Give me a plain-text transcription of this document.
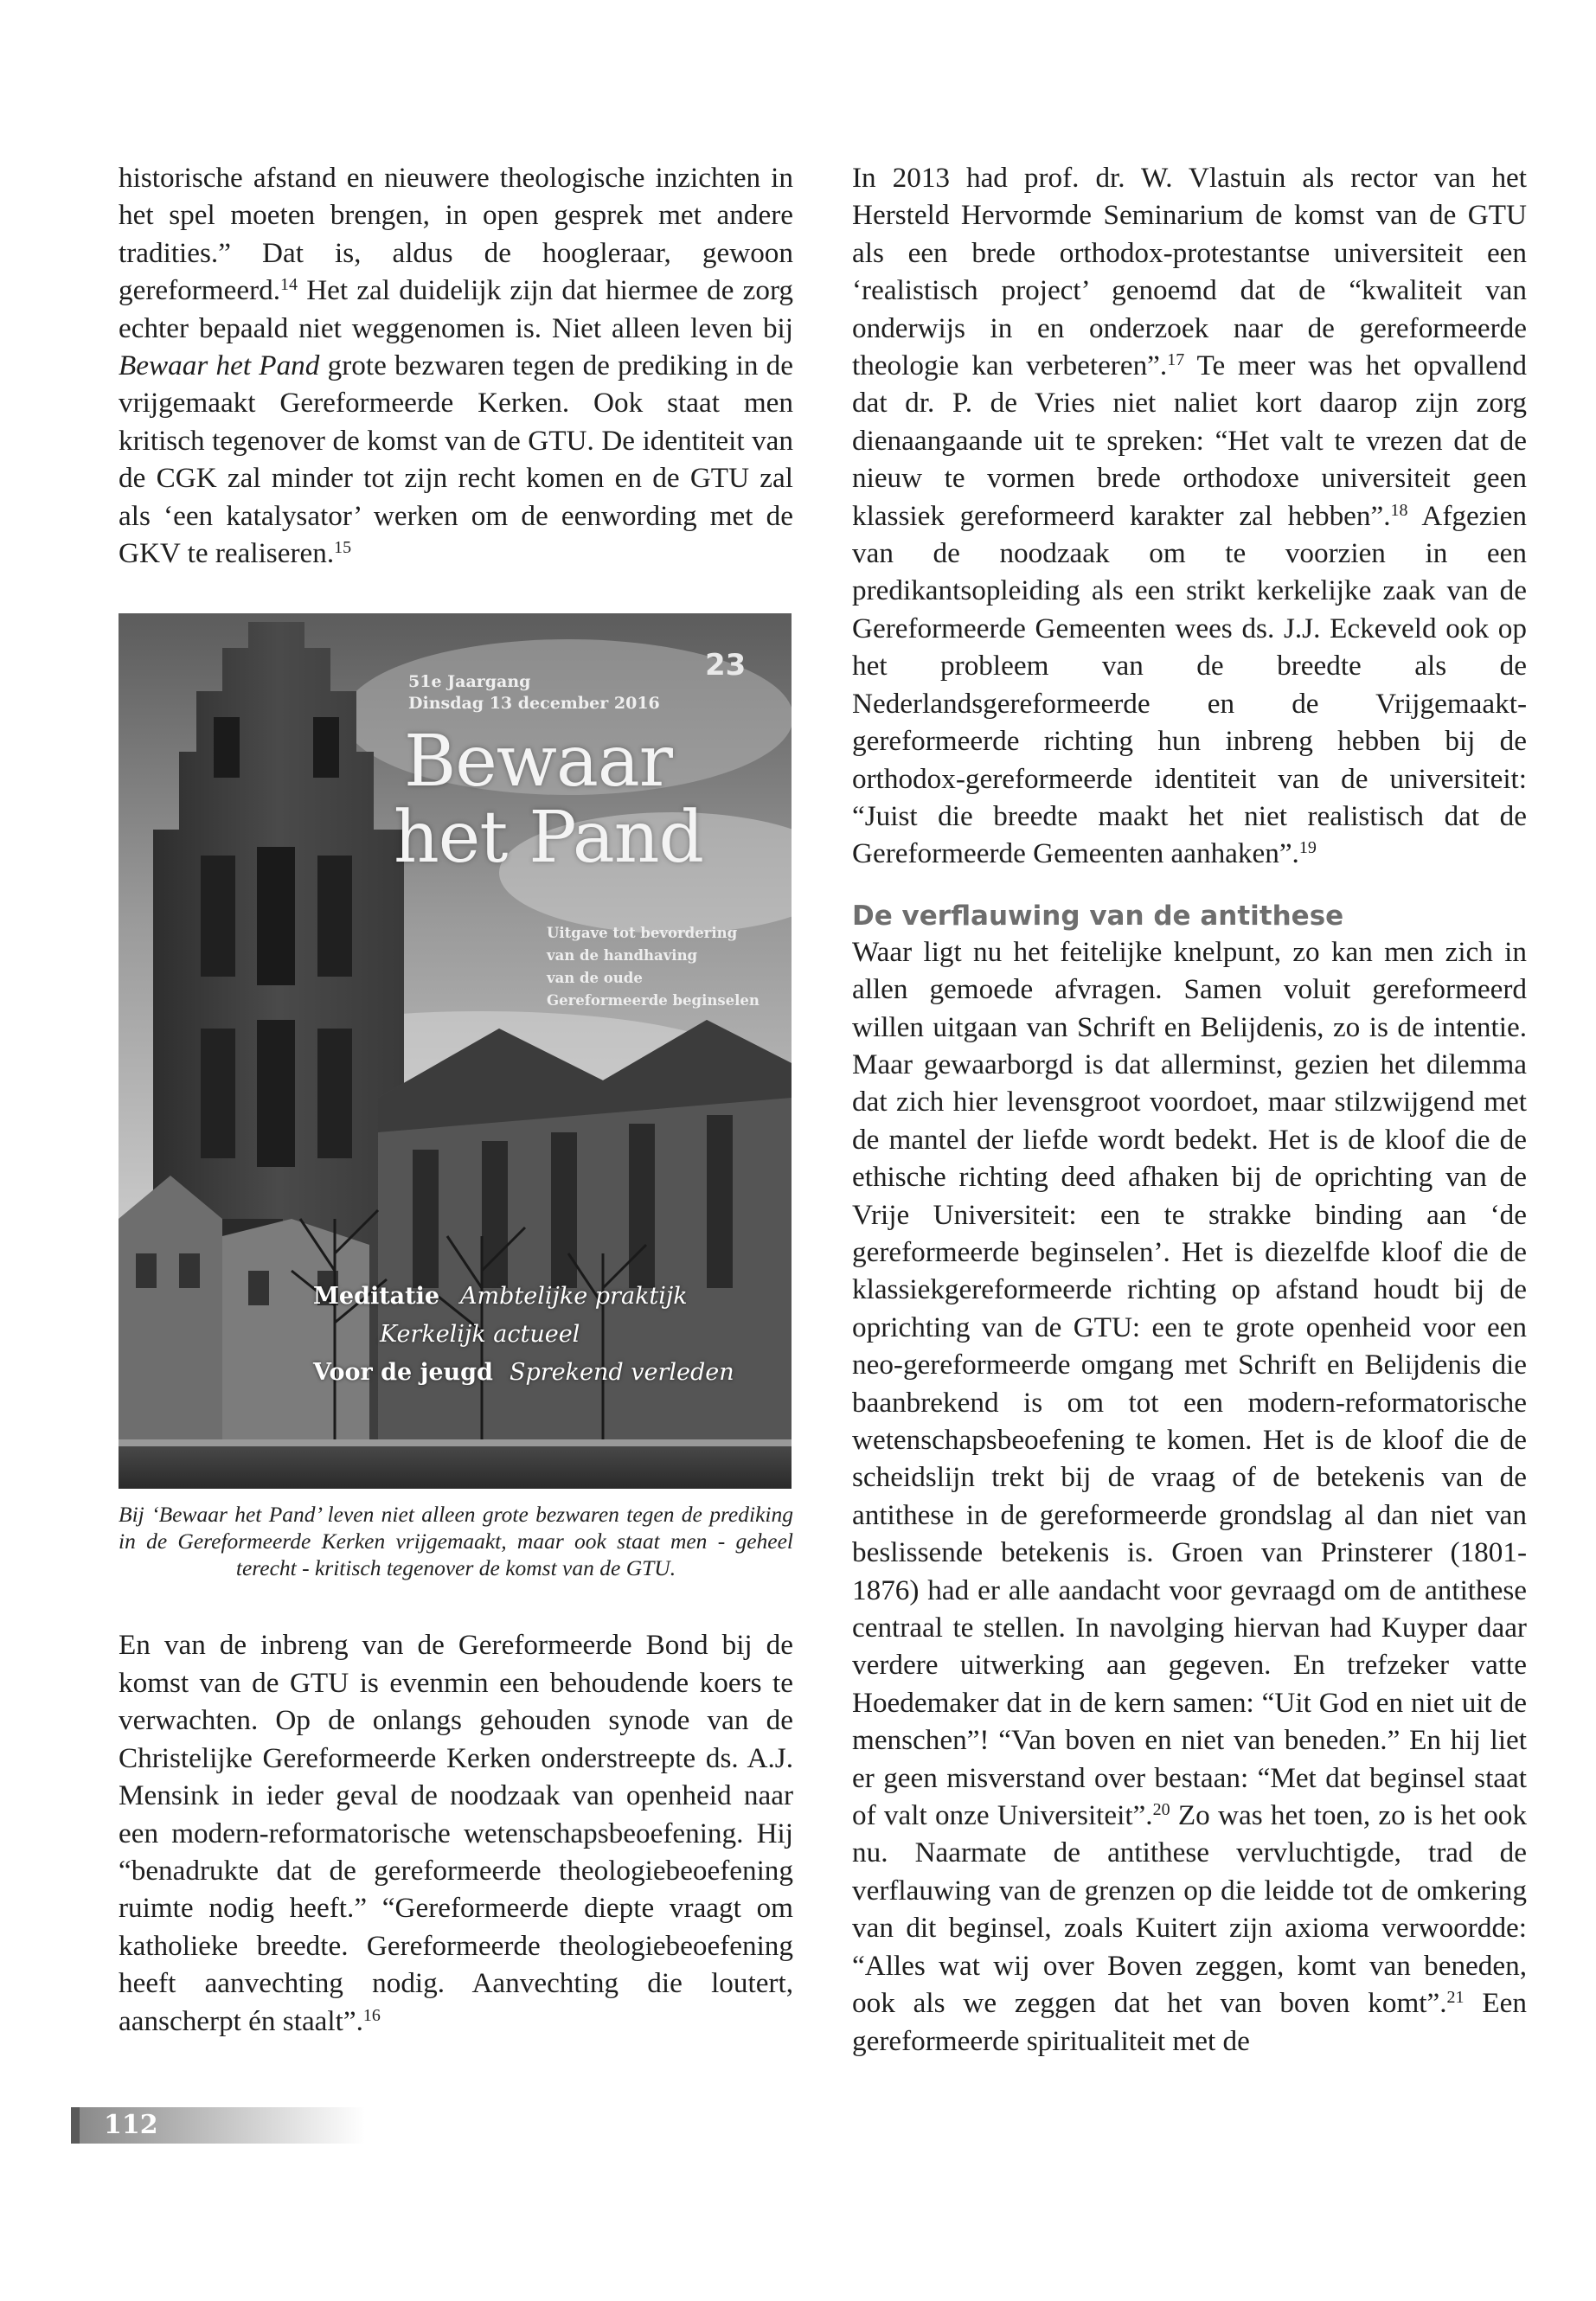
historische afstand en nieuwere theologische inzichten in het spel moeten brengen, in open gesprek met andere tradities.” Dat is, aldus de hoogleraar, gewoon gereformeerd.$^{14}$ Het zal duidelijk zijn dat hiermee de zorg echter bepaald niet weggenomen is. Niet alleen leven bij Bewaar het Pand grote bezwaren tegen de prediking in de vrijgemaakt Gereformeerde Kerken. Ook staat men kritisch tegenover de komst van de GTU. De identiteit van de CGK zal minder tot zijn recht komen en de GTU zal als ‘een katalysator’ werken om de eenwording met de GKV te realiseren.$^{15}$

23
51e Jaargang
Dinsdag 13 december 2016
Bewaar
het Pand
Uitgave tot bevordering
van de handhaving
van de oude
Gereformeerde beginselen
Meditatie Ambtelijke praktijk
Kerkelijk actueel
Voor de jeugd Sprekend verleden

Bij ‘Bewaar het Pand’ leven niet alleen grote bezwaren tegen de prediking in de Gereformeerde Kerken vrijgemaakt, maar ook staat men - geheel terecht - kritisch tegenover de komst van de GTU.

En van de inbreng van de Gereformeerde Bond bij de komst van de GTU is evenmin een behoudende koers te verwachten. Op de onlangs gehouden synode van de Christelijke Gereformeerde Kerken onderstreepte ds. A.J. Mensink in ieder geval de noodzaak van openheid naar een modern-reformatorische wetenschapsbeoefening. Hij “benadrukte dat de gereformeerde theologiebeoefening ruimte nodig heeft.” “Gereformeerde diepte vraagt om katholieke breedte. Gereformeerde theologiebeoefening heeft aanvechting nodig. Aanvechting die loutert, aanscherpt én staalt”.$^{16}$

In 2013 had prof. dr. W. Vlastuin als rector van het Hersteld Hervormde Seminarium de komst van de GTU als een brede orthodox-protestantse universiteit een ‘realistisch project’ genoemd dat de “kwaliteit van onderwijs in en onderzoek naar de gereformeerde theologie kan verbeteren”.$^{17}$ Te meer was het opvallend dat dr. P. de Vries niet naliet kort daarop zijn zorg dienaangaande uit te spreken: “Het valt te vrezen dat de nieuw te vormen brede orthodoxe universiteit geen klassiek gereformeerd karakter zal hebben”.$^{18}$ Afgezien van de noodzaak om te voorzien in een predikantsopleiding als een strikt kerkelijke zaak van de Gereformeerde Gemeenten wees ds. J.J. Eckeveld ook op het probleem van de breedte als de Nederlandsgereformeerde en de Vrijgemaakt-gereformeerde richting hun inbreng hebben bij de orthodox-gereformeerde identiteit van de universiteit: “Juist die breedte maakt het niet realistisch dat de Gereformeerde Gemeenten aanhaken”.$^{19}$

De verflauwing van de antithese

Waar ligt nu het feitelijke knelpunt, zo kan men zich in allen gemoede afvragen. Samen voluit gereformeerd willen uitgaan van Schrift en Belijdenis, zo is de intentie. Maar gewaarborgd is dat allerminst, gezien het dilemma dat zich hier levensgroot voordoet, maar stilzwijgend met de mantel der liefde wordt bedekt. Het is de kloof die de ethische richting deed afhaken bij de oprichting van de Vrije Universiteit: een te strakke binding aan ‘de gereformeerde beginselen’. Het is diezelfde kloof die de klassiekgereformeerde richting op afstand houdt bij de oprichting van de GTU: een te grote openheid voor een neo-gereformeerde omgang met Schrift en Belijdenis die baanbrekend is om tot een modern-reformatorische wetenschapsbeoefening te komen. Het is de kloof die de scheidslijn trekt bij de vraag of de betekenis van de antithese in de gereformeerde grondslag al dan niet van beslissende betekenis is. Groen van Prinsterer (1801-1876) had er alle aandacht voor gevraagd om de antithese centraal te stellen. In navolging hiervan had Kuyper daar verdere uitwerking aan gegeven. En trefzeker vatte Hoedemaker dat in de kern samen: “Uit God en niet uit de menschen”! “Van boven en niet van beneden.” En hij liet er geen misverstand over bestaan: “Met dat beginsel staat of valt onze Universiteit”.$^{20}$ Zo was het toen, zo is het ook nu. Naarmate de antithese vervluchtigde, trad de verflauwing van de grenzen op die leidde tot de omkering van dit beginsel, zoals Kuitert zijn axioma verwoordde: “Alles wat wij over Boven zeggen, komt van beneden, ook als we zeggen dat het van boven komt”.$^{21}$ Een gereformeerde spiritualiteit met de

112
